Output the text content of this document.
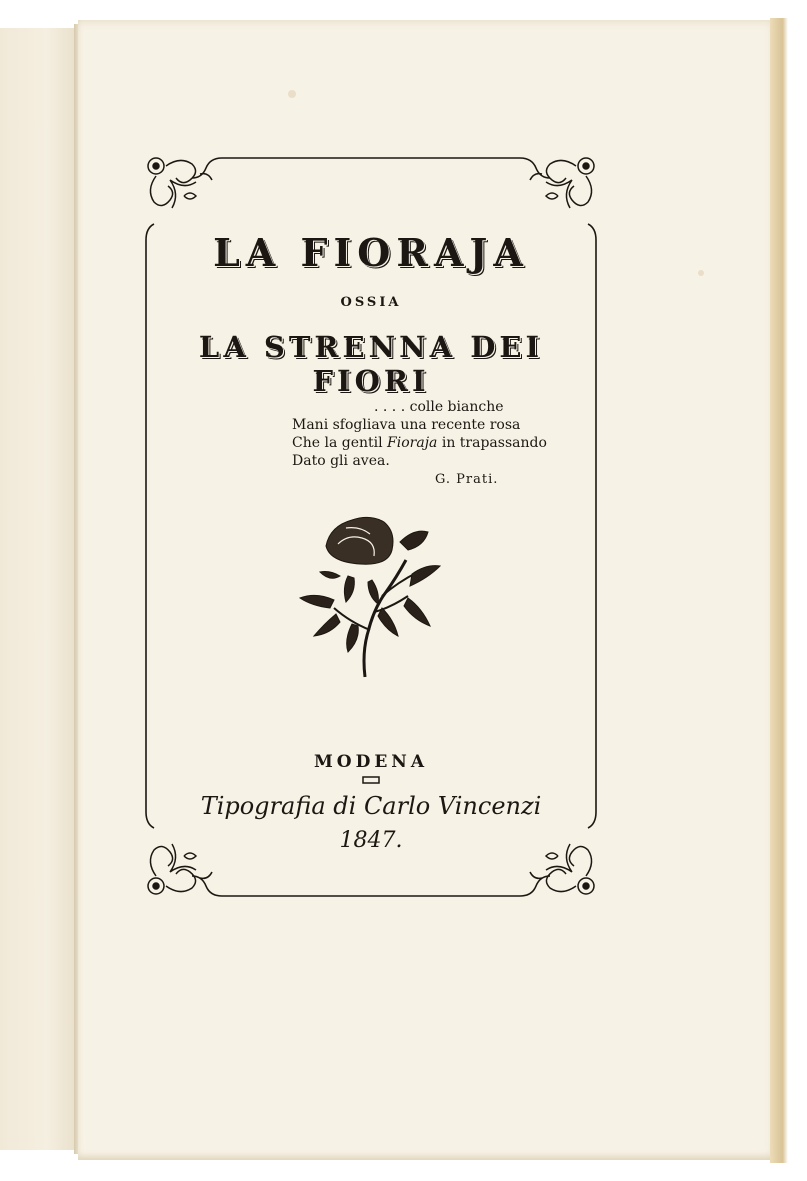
LA FIORAJA
OSSIA
LA STRENNA DEI FIORI
. . . . colle bianche
Mani sfogliava una recente rosa
Che la gentil Fioraja in trapassando
Dato gli avea.
G. Prati.
MODENA
Tipografia di Carlo Vincenzi
1847.
